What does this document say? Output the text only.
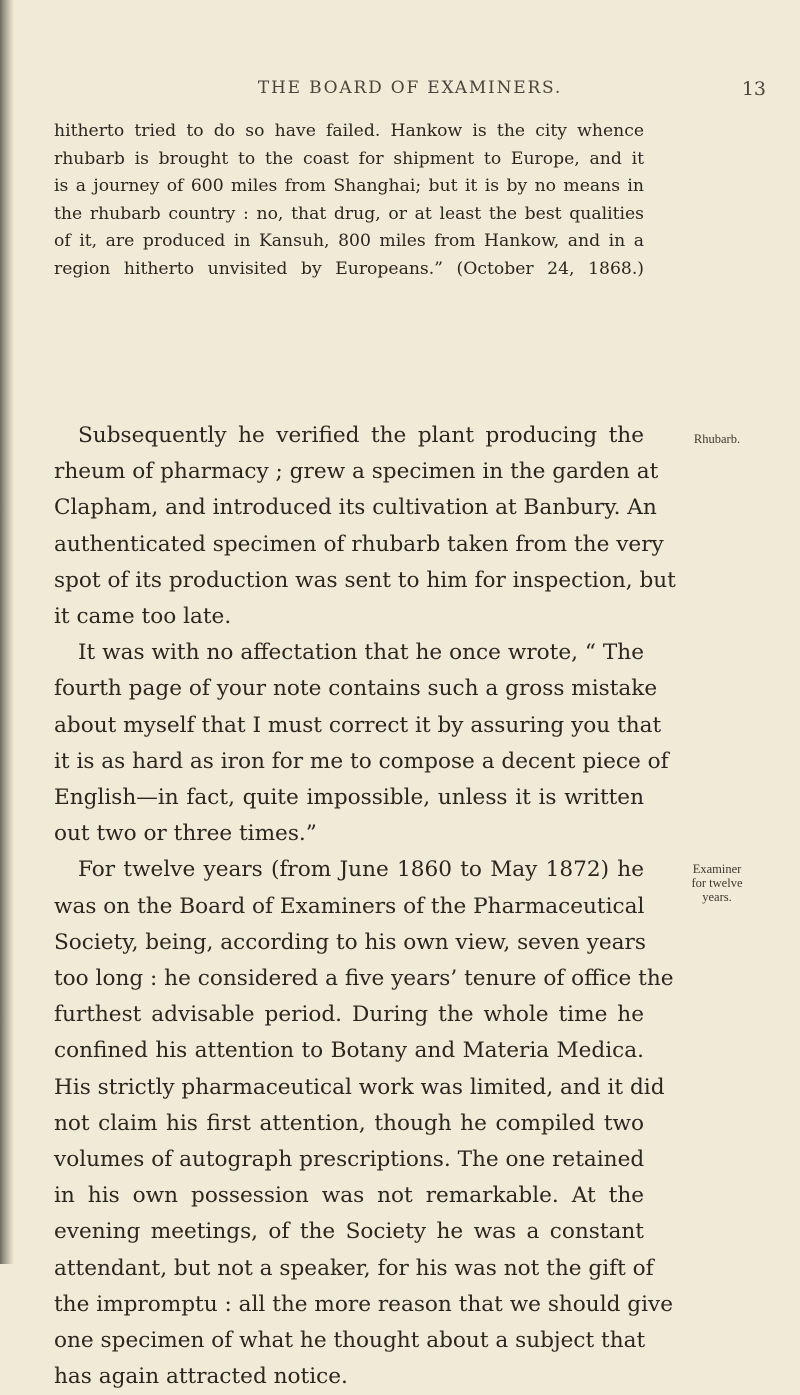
THE BOARD OF EXAMINERS.	13
hitherto tried to do so have failed. Hankow is the city whence
rhubarb is brought to the coast for shipment to Europe, and it
is a journey of 600 miles from Shanghai; but it is by no means in
the rhubarb country : no, that drug, or at least the best qualities
of it, are produced in Kansuh, 800 miles from Hankow, and in a
region hitherto unvisited by Europeans.” (October 24, 1868.)
Subsequently he verified the plant producing the
rheum of pharmacy ; grew a specimen in the garden at
Clapham, and introduced its cultivation at Banbury. An
authenticated specimen of rhubarb taken from the very
spot of its production was sent to him for inspection, but
it came too late.
It was with no affectation that he once wrote, “ The
fourth page of your note contains such a gross mistake
about myself that I must correct it by assuring you that
it is as hard as iron for me to compose a decent piece of
English—in fact, quite impossible, unless it is written
out two or three times.”
For twelve years (from June 1860 to May 1872) he
was on the Board of Examiners of the Pharmaceutical
Society, being, according to his own view, seven years
too long : he considered a five years’ tenure of office the
furthest advisable period. During the whole time he
confined his attention to Botany and Materia Medica.
His strictly pharmaceutical work was limited, and it did
not claim his first attention, though he compiled two
volumes of autograph prescriptions. The one retained
in his own possession was not remarkable. At the
evening meetings, of the Society he was a constant
attendant, but not a speaker, for his was not the gift of
the impromptu : all the more reason that we should give
one specimen of what he thought about a subject that
has again attracted notice.
Rhubarb.
Examiner
for twelve
years.
